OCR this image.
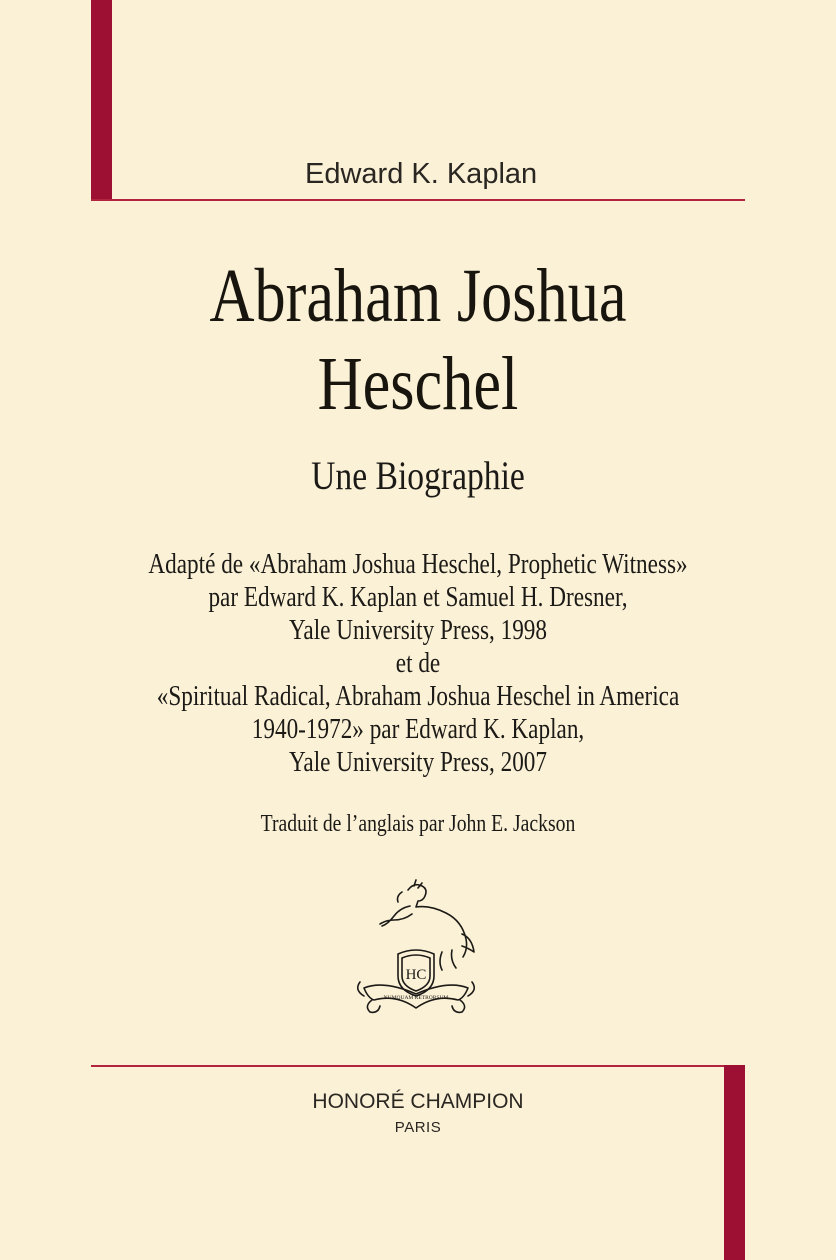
Edward K. Kaplan
Abraham Joshua
Heschel
Une Biographie
Adapté de «Abraham Joshua Heschel, Prophetic Witness»
par Edward K. Kaplan et Samuel H. Dresner,
Yale University Press, 1998
et de
«Spiritual Radical, Abraham Joshua Heschel in America
1940-1972» par Edward K. Kaplan,
Yale University Press, 2007
Traduit de l’anglais par John E. Jackson
HC
NUMQUAM RETRORSUM
HONORÉ CHAMPION
PARIS
